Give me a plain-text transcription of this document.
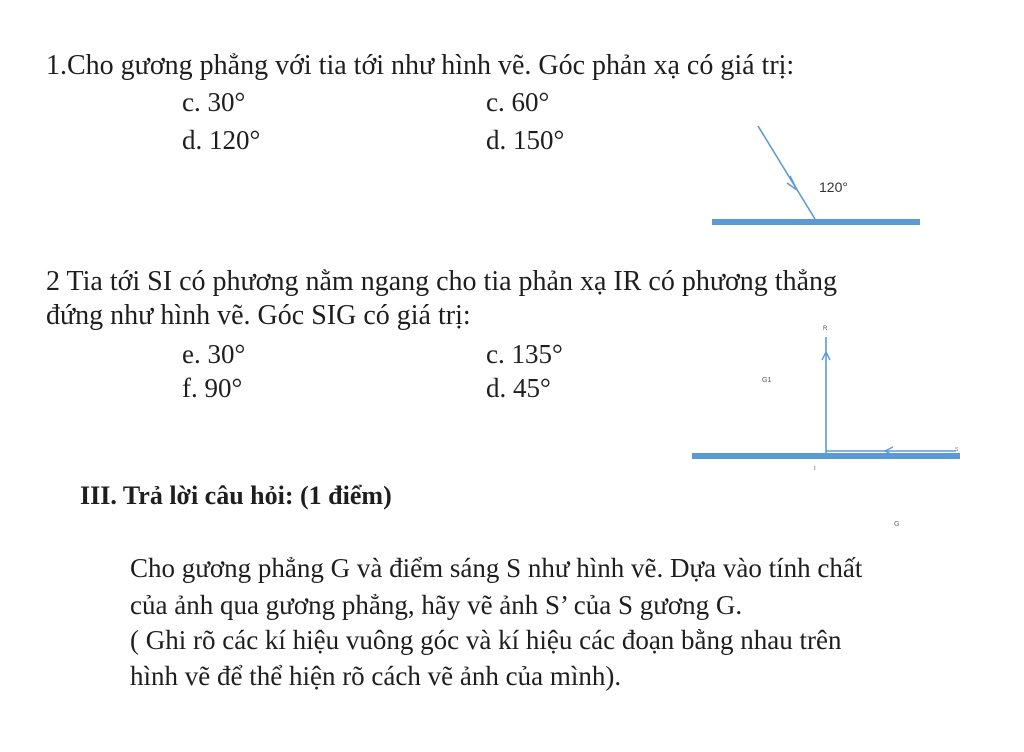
1.Cho gương phẳng với tia tới như hình vẽ. Góc phản xạ có giá trị:
c. 30°	c. 60°
d. 120°	d. 150°
2 Tia tới SI có phương nằm ngang cho tia phản xạ IR có phương thẳng
đứng như hình vẽ. Góc SIG có giá trị:
e. 30°	c. 135°
f. 90°	d. 45°
III. Trả lời câu hỏi: (1 điểm)
Cho gương phẳng G và điểm sáng S như hình vẽ. Dựa vào tính chất
của ảnh qua gương phẳng, hãy vẽ ảnh S’ của S gương G.
( Ghi rõ các kí hiệu vuông góc và kí hiệu các đoạn bằng nhau trên
hình vẽ để thể hiện rõ cách vẽ ảnh của mình).
120°
R
G1
S
I
G
